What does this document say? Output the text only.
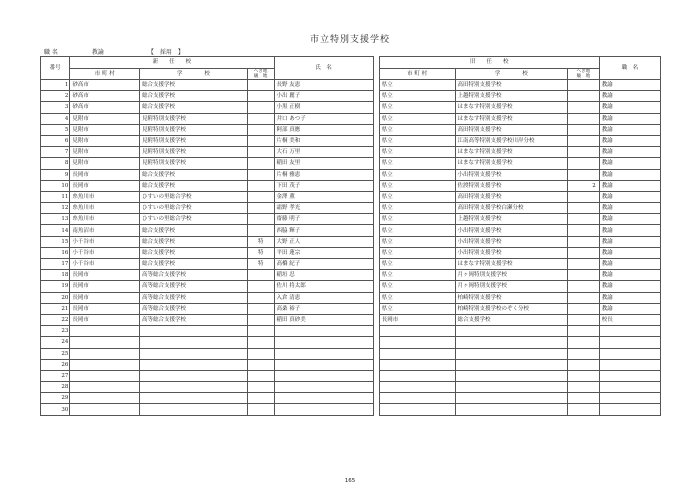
市立特別支援学校
職 名	教諭	【　採用　】
番号	新　　任　　校			氏　名		旧　　任　　校			職　名
	市 町 村	学　　　　校	へき地
級　地			市 町 村	学　　　　校	へき地
級　地	
1	砂高市	総合支援学校		長野 友恵		県立	高田特別支援学校		教諭
2	砂高市	総合支援学校		小出 麗子		県立	上越特別支援学校		教諭
3	砂高市	総合支援学校		小黒 正樹		県立	はまなす特別支援学校		教諭
4	見附市	見附特別支援学校		井口 あつ子		県立	はまなす特別支援学校		教諭
5	見附市	見附特別支援学校		阿部 真應		県立	高田特別支援学校		教諭
6	見附市	見附特別支援学校		片桐 美和		県立	江南高等特別支援学校川岸分校		教諭
7	見附市	見附特別支援学校		大石 万里		県立	はまなす特別支援学校		教諭
8	見附市	見附特別支援学校		稲田 友里		県立	はまなす特別支援学校		教諭
9	長岡市	総合支援学校		片桐 雅恵		県立	小出特別支援学校		教諭
10	長岡市	総合支援学校		下田 茂子		県立	佐渡特別支援学校	2	教諭
11	糸魚川市	ひすいの里総合学校		金澤 薫		県立	高田特別支援学校		教諭
12	糸魚川市	ひすいの里総合学校		霜野 孝光		県立	高田特別支援学校白瀬分校		教諭
13	糸魚川市	ひすいの里総合学校		齋藤 明子		県立	上越特別支援学校		教諭
14	南魚沼市	総合支援学校		西脇 輝子		県立	小出特別支援学校		教諭
15	小千谷市	総合支援学校	特	大野 正人		県立	小出特別支援学校		教諭
16	小千谷市	総合支援学校	特	平田 蓮宗		県立	小出特別支援学校		教諭
17	小千谷市	総合支援学校	特	高橋 紀子		県立	はまなす特別支援学校		教諭
18	長岡市	高等総合支援学校		稲垣 忍		県立	月ヶ岡特別支援学校		教諭
19	長岡市	高等総合支援学校		佐川 将太郎		県立	月ヶ岡特別支援学校		教諭
20	長岡市	高等総合支援学校		入倉 清恵		県立	柏崎特別支援学校		教諭
21	長岡市	高等総合支援学校		高桑 裕子		県立	柏崎特別支援学校のぞく分校		教諭
22	長岡市	高等総合支援学校		稲田 真砂美		長岡市	総合支援学校		校長
23									
24									
25									
26									
27									
28									
29									
30									
165
